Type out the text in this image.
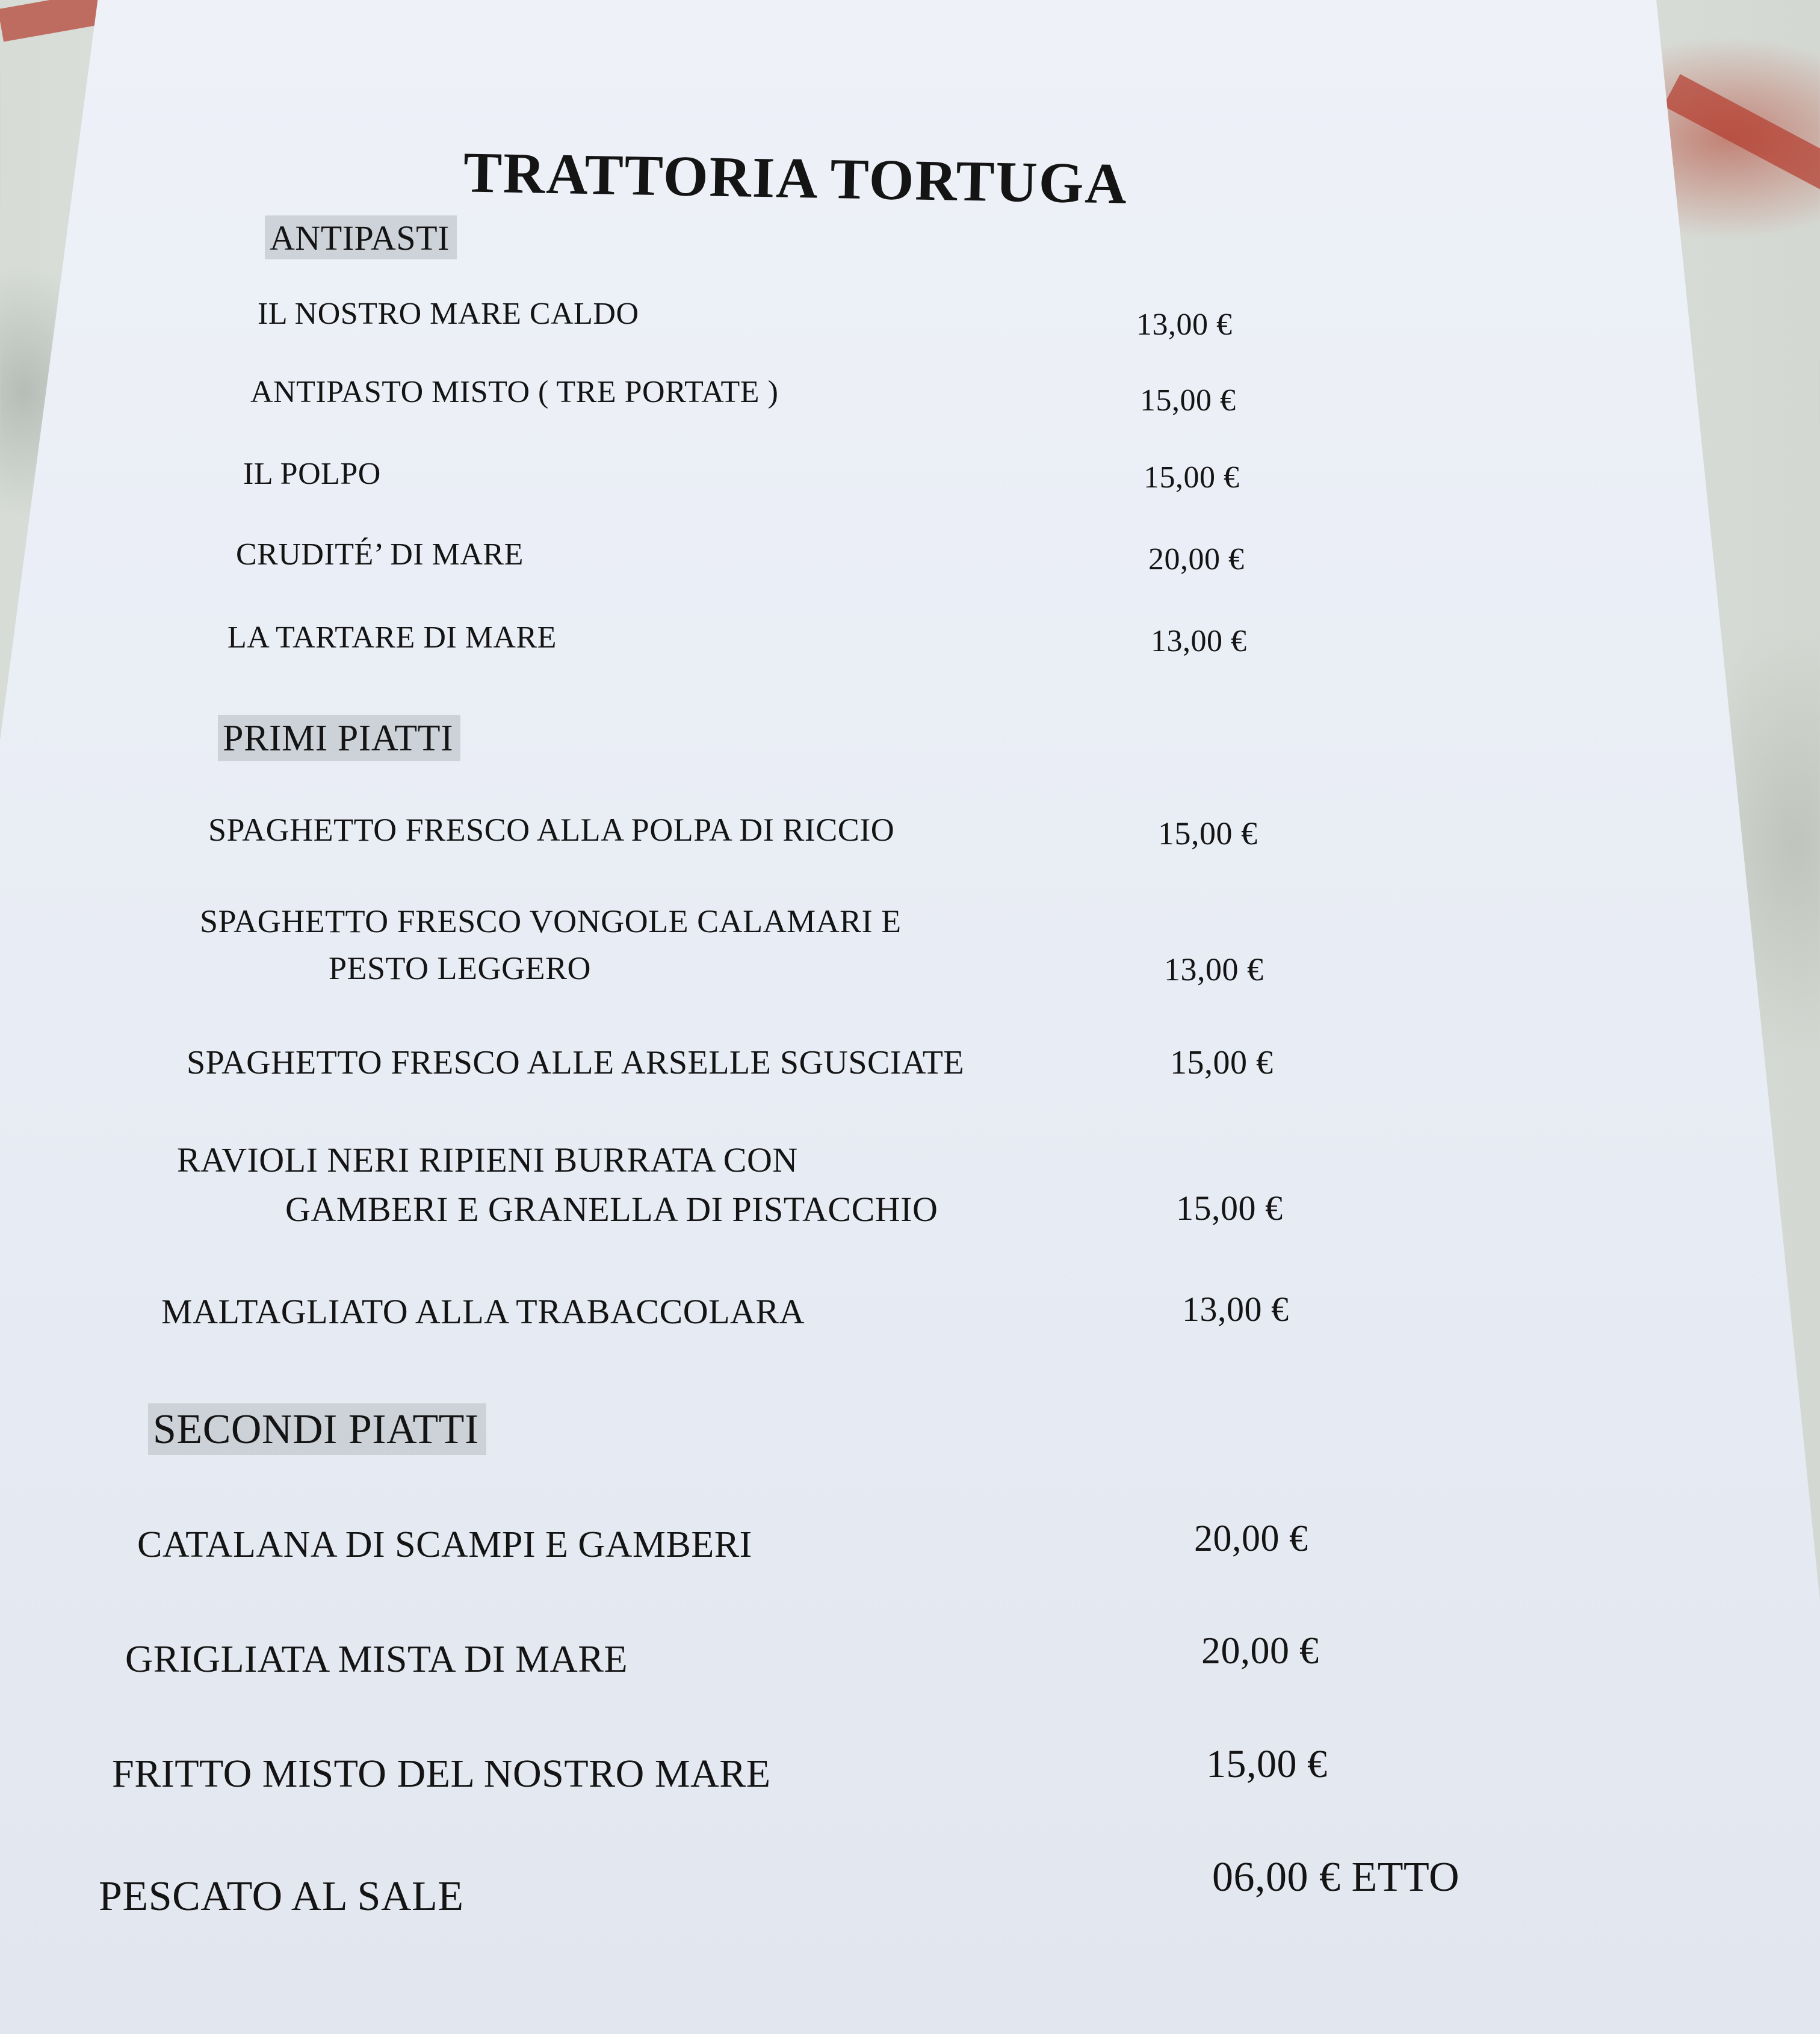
TRATTORIA TORTUGA
ANTIPASTI
IL NOSTRO MARE CALDO	13,00 €
ANTIPASTO MISTO ( TRE PORTATE )	15,00 €
IL POLPO	15,00 €
CRUDITÉ’ DI MARE	20,00 €
LA TARTARE DI MARE	13,00 €
PRIMI PIATTI
SPAGHETTO FRESCO ALLA POLPA DI RICCIO	15,00 €
SPAGHETTO FRESCO VONGOLE CALAMARI E
PESTO LEGGERO	13,00 €
SPAGHETTO FRESCO ALLE ARSELLE SGUSCIATE	15,00 €
RAVIOLI NERI RIPIENI BURRATA CON
GAMBERI E GRANELLA DI PISTACCHIO	15,00 €
MALTAGLIATO ALLA TRABACCOLARA	13,00 €
SECONDI PIATTI
CATALANA DI SCAMPI E GAMBERI	20,00 €
GRIGLIATA MISTA DI MARE	20,00 €
FRITTO MISTO DEL NOSTRO MARE	15,00 €
PESCATO AL SALE	06,00 € ETTO
